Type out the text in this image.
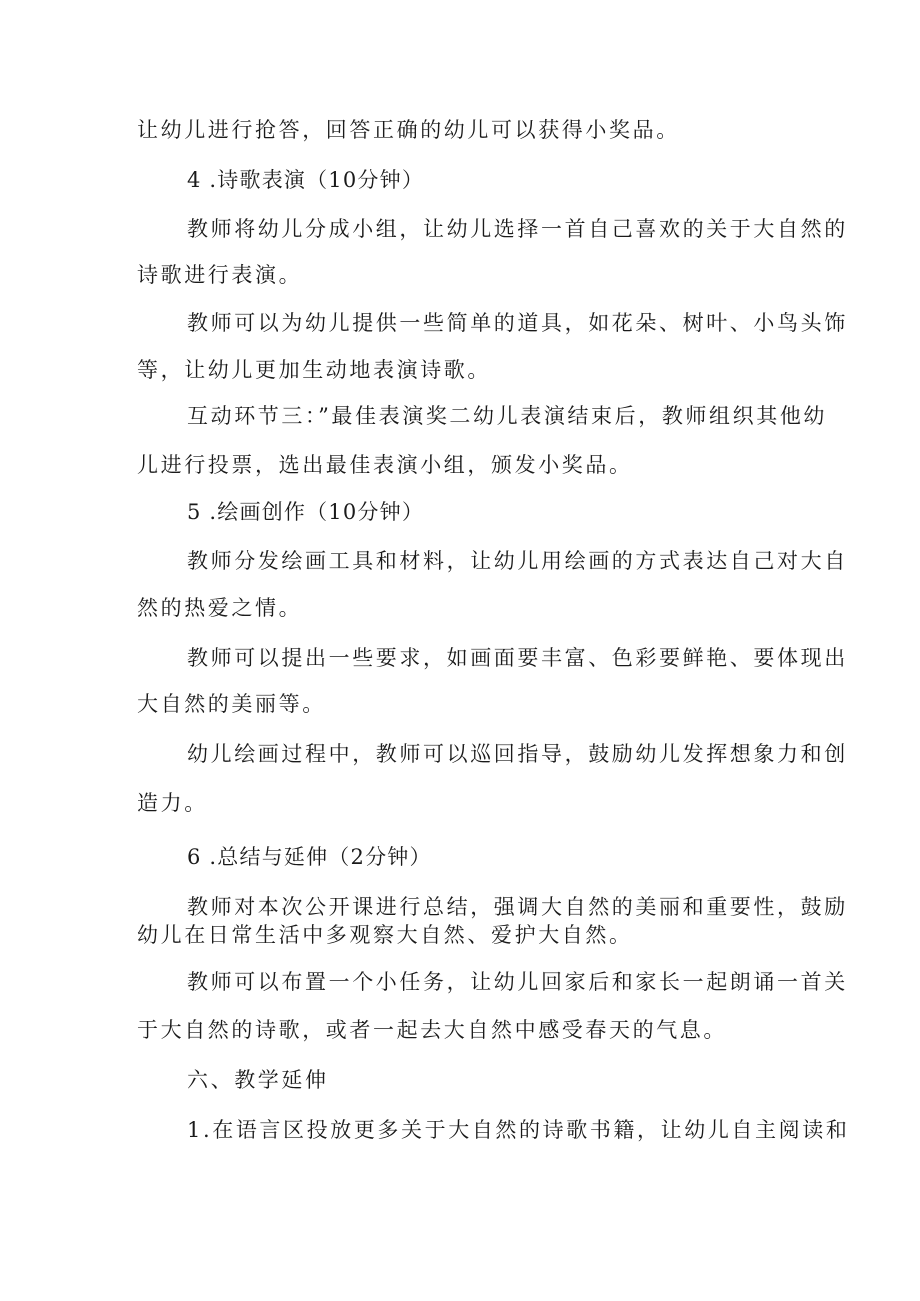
让幼儿进行抢答，回答正确的幼儿可以获得小奖品。
4 .诗歌表演（10分钟）
教师将幼儿分成小组，让幼儿选择一首自己喜欢的关于大自然的
诗歌进行表演。
教师可以为幼儿提供一些简单的道具，如花朵、树叶、小鸟头饰
等，让幼儿更加生动地表演诗歌。
互动环节三：”最佳表演奖二幼儿表演结束后，教师组织其他幼
儿进行投票，选出最佳表演小组，颁发小奖品。
5 .绘画创作（10分钟）
教师分发绘画工具和材料，让幼儿用绘画的方式表达自己对大自
然的热爱之情。
教师可以提出一些要求，如画面要丰富、色彩要鲜艳、要体现出
大自然的美丽等。
幼儿绘画过程中，教师可以巡回指导，鼓励幼儿发挥想象力和创
造力。
6 .总结与延伸（2分钟）
教师对本次公开课进行总结，强调大自然的美丽和重要性，鼓励
幼儿在日常生活中多观察大自然、爱护大自然。
教师可以布置一个小任务，让幼儿回家后和家长一起朗诵一首关
于大自然的诗歌，或者一起去大自然中感受春天的气息。
六、教学延伸
1.在语言区投放更多关于大自然的诗歌书籍，让幼儿自主阅读和
